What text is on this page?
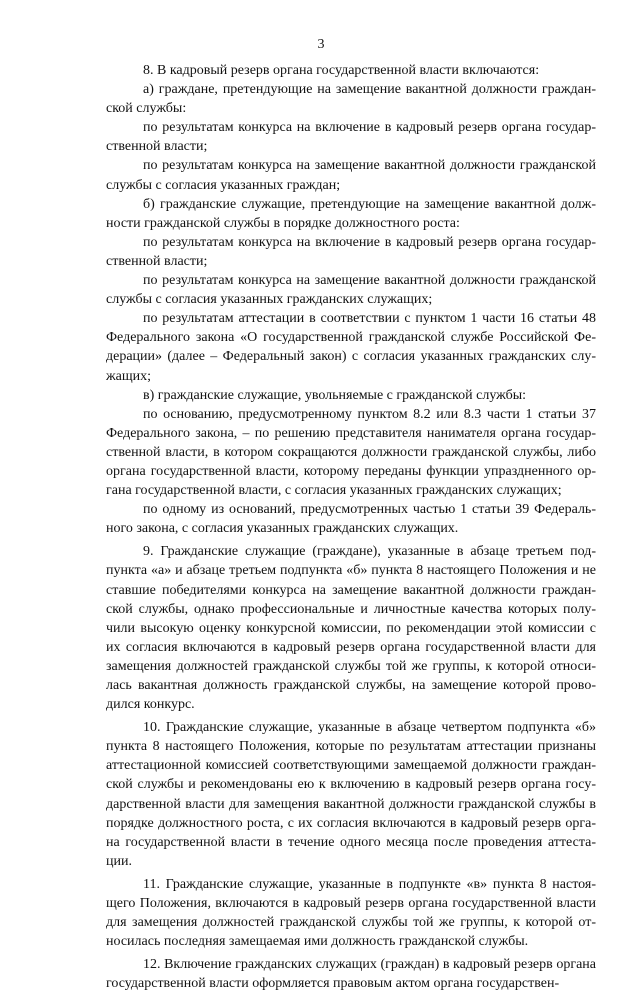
3

8. В кадровый резерв органа государственной власти включаются:

а) граждане, претендующие на замещение вакантной должности гражданской службы:

по результатам конкурса на включение в кадровый резерв органа государственной власти;

по результатам конкурса на замещение вакантной должности гражданской службы с согласия указанных граждан;

б) гражданские служащие, претендующие на замещение вакантной должности гражданской службы в порядке должностного роста:

по результатам конкурса на включение в кадровый резерв органа государственной власти;

по результатам конкурса на замещение вакантной должности гражданской службы с согласия указанных гражданских служащих;

по результатам аттестации в соответствии с пунктом 1 части 16 статьи 48 Федерального закона «О государственной гражданской службе Российской Федерации» (далее – Федеральный закон) с согласия указанных гражданских служащих;

в) гражданские служащие, увольняемые с гражданской службы:

по основанию, предусмотренному пунктом 8.2 или 8.3 части 1 статьи 37 Федерального закона, – по решению представителя нанимателя органа государственной власти, в котором сокращаются должности гражданской службы, либо органа государственной власти, которому переданы функции упраздненного органа государственной власти, с согласия указанных гражданских служащих;

по одному из оснований, предусмотренных частью 1 статьи 39 Федерального закона, с согласия указанных гражданских служащих.

9. Гражданские служащие (граждане), указанные в абзаце третьем подпункта «а» и абзаце третьем подпункта «б» пункта 8 настоящего Положения и не ставшие победителями конкурса на замещение вакантной должности гражданской службы, однако профессиональные и личностные качества которых получили высокую оценку конкурсной комиссии, по рекомендации этой комиссии с их согласия включаются в кадровый резерв органа государственной власти для замещения должностей гражданской службы той же группы, к которой относилась вакантная должность гражданской службы, на замещение которой проводился конкурс.

10. Гражданские служащие, указанные в абзаце четвертом подпункта «б» пункта 8 настоящего Положения, которые по результатам аттестации признаны аттестационной комиссией соответствующими замещаемой должности гражданской службы и рекомендованы ею к включению в кадровый резерв органа государственной власти для замещения вакантной должности гражданской службы в порядке должностного роста, с их согласия включаются в кадровый резерв органа государственной власти в течение одного месяца после проведения аттестации.

11. Гражданские служащие, указанные в подпункте «в» пункта 8 настоящего Положения, включаются в кадровый резерв органа государственной власти для замещения должностей гражданской службы той же группы, к которой относилась последняя замещаемая ими должность гражданской службы.

12. Включение гражданских служащих (граждан) в кадровый резерв органа государственной власти оформляется правовым актом органа государствен-
